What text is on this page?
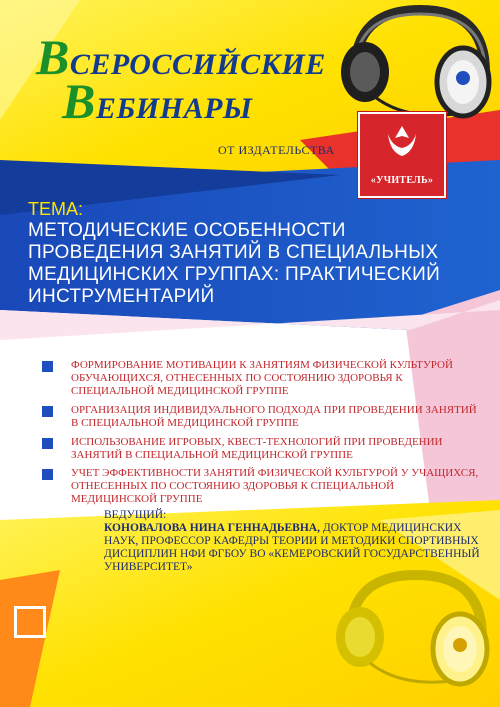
ВСЕРОССИЙСКИЕ
ВЕБИНАРЫ
ОТ ИЗДАТЕЛЬСТВА
«УЧИТЕЛЬ»
ТЕМА:
МЕТОДИЧЕСКИЕ ОСОБЕННОСТИ ПРОВЕДЕНИЯ ЗАНЯТИЙ В СПЕЦИАЛЬНЫХ МЕДИЦИНСКИХ ГРУППАХ: ПРАКТИЧЕСКИЙ ИНСТРУМЕНТАРИЙ
ФОРМИРОВАНИЕ МОТИВАЦИИ К ЗАНЯТИЯМ ФИЗИЧЕСКОЙ КУЛЬТУРОЙ ОБУЧАЮЩИХСЯ, ОТНЕСЕННЫХ ПО СОСТОЯНИЮ ЗДОРОВЬЯ К СПЕЦИАЛЬНОЙ МЕДИЦИНСКОЙ ГРУППЕ
ОРГАНИЗАЦИЯ ИНДИВИДУАЛЬНОГО ПОДХОДА ПРИ ПРОВЕДЕНИИ ЗАНЯТИЙ В СПЕЦИАЛЬНОЙ МЕДИЦИНСКОЙ ГРУППЕ
ИСПОЛЬЗОВАНИЕ ИГРОВЫХ, КВЕСТ-ТЕХНОЛОГИЙ ПРИ ПРОВЕДЕНИИ ЗАНЯТИЙ В СПЕЦИАЛЬНОЙ МЕДИЦИНСКОЙ ГРУППЕ
УЧЕТ ЭФФЕКТИВНОСТИ ЗАНЯТИЙ ФИЗИЧЕСКОЙ КУЛЬТУРОЙ У УЧАЩИХСЯ, ОТНЕСЕННЫХ ПО СОСТОЯНИЮ ЗДОРОВЬЯ К СПЕЦИАЛЬНОЙ МЕДИЦИНСКОЙ ГРУППЕ
ВЕДУЩИЙ:
КОНОВАЛОВА НИНА ГЕННАДЬЕВНА, ДОКТОР МЕДИЦИНСКИХ НАУК, ПРОФЕССОР КАФЕДРЫ ТЕОРИИ И МЕТОДИКИ СПОРТИВНЫХ ДИСЦИПЛИН НФИ ФГБОУ ВО «КЕМЕРОВСКИЙ ГОСУДАРСТВЕННЫЙ УНИВЕРСИТЕТ»
